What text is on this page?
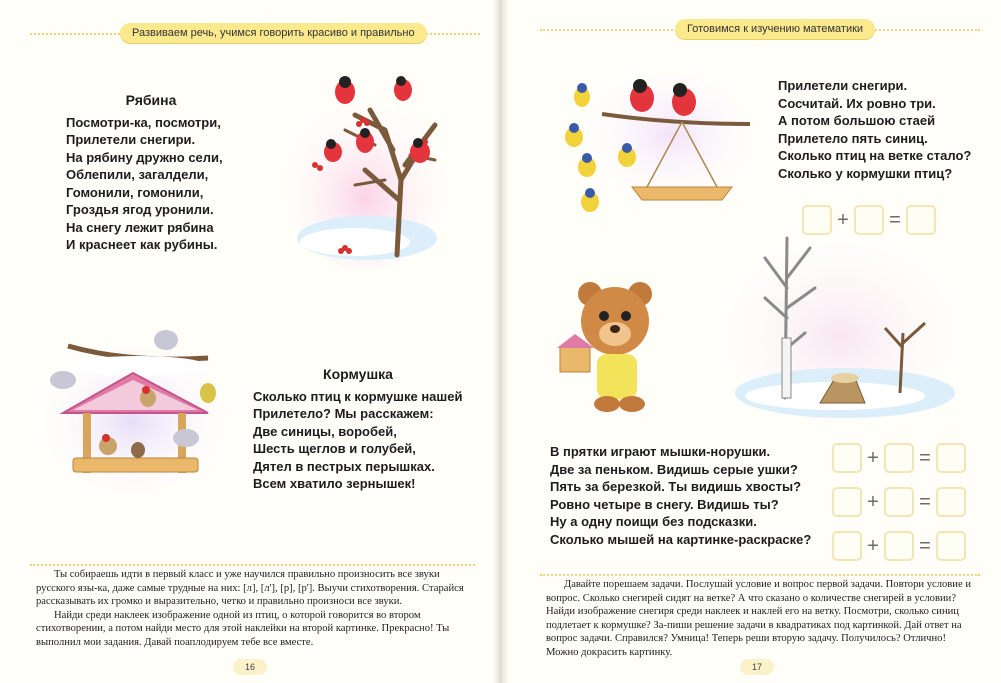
Развиваем речь, учимся говорить красиво и правильно	Готовимся к изучению математики
Рябина
Посмотри-ка, посмотри,
Прилетели снегири.
На рябину дружно сели,
Облепили, загалдели,
Гомонили, гомонили,
Гроздья ягод уронили.
На снегу лежит рябина
И краснеет как рубины.
Кормушка
Сколько птиц к кормушке нашей
Прилетело? Мы расскажем:
Две синицы, воробей,
Шесть щеглов и голубей,
Дятел в пестрых перышках.
Всем хватило зернышек!

Ты собираешь идти в первый класс и уже научился правильно произносить все звуки русского язы-ка, даже самые трудные на них: [л], [л'], [р], [р']. Выучи стихотворения. Старайся рассказывать их громко и выразительно, четко и правильно произноси все звуки.

Найди среди наклеек изображение одной из птиц, о которой говорится во втором стихотворении, а потом найди место для этой наклейки на второй картинке. Прекрасно! Ты выполнил мои задания. Давай поаплодируем тебе все вместе.

16
Прилетели снегири.
Сосчитай. Их ровно три.
А потом большою стаей
Прилетело пять синиц.
Сколько птиц на ветке стало?
Сколько у кормушки птиц?
+ =
В прятки играют мышки-норушки.
Две за пеньком. Видишь серые ушки?
Пять за березкой. Ты видишь хвосты?
Ровно четыре в снегу. Видишь ты?
Ну а одну поищи без подсказки.
Сколько мышей на картинке-раскраске?
+ =
+ =
+ =

Давайте порешаем задачи. Послушай условие и вопрос первой задачи. Повтори условие и вопрос. Сколько снегирей сидят на ветке? А что сказано о количестве снегирей в условии? Найди изображение снегиря среди наклеек и наклей его на ветку. Посмотри, сколько синиц подлетает к кормушке? За-пиши решение задачи в квадратиках под картинкой. Дай ответ на вопрос задачи. Справился? Умница! Теперь реши вторую задачу. Получилось? Отлично! Можно докрасить картинку.

17
